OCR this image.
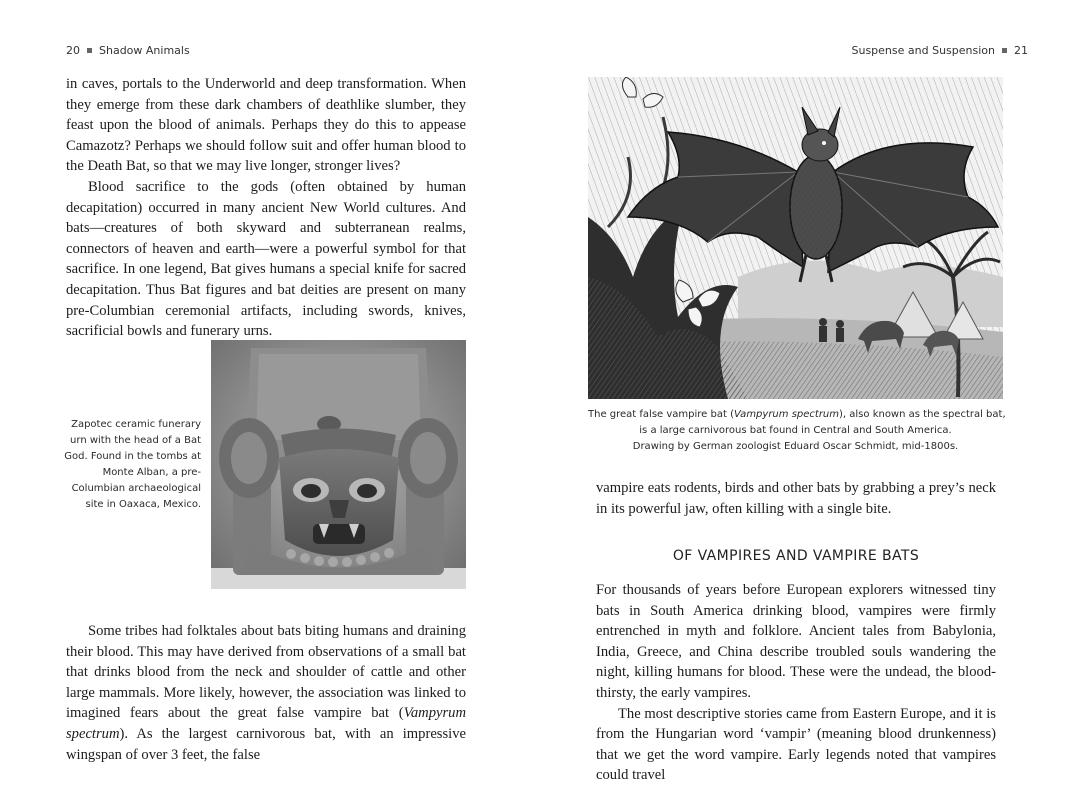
20 Shadow Animals

in caves, portals to the Underworld and deep transformation. When they emerge from these dark chambers of deathlike slumber, they feast upon the blood of animals. Perhaps they do this to appease Camazotz? Perhaps we should follow suit and offer human blood to the Death Bat, so that we may live longer, stronger lives?

Blood sacrifice to the gods (often obtained by human decapitation) occurred in many ancient New World cultures. And bats—creatures of both skyward and subterranean realms, connectors of heaven and earth—were a powerful symbol for that sacrifice. In one legend, Bat gives humans a special knife for sacred decapitation. Thus Bat figures and bat deities are present on many pre-Columbian ceremonial artifacts, including swords, knives, sacrificial bowls and funerary urns.

Zapotec ceramic funerary urn with the head of a Bat God. Found in the tombs at Monte Alban, a pre-Columbian archaeological site in Oaxaca, Mexico.

Some tribes had folktales about bats biting humans and draining their blood. This may have derived from observations of a small bat that drinks blood from the neck and shoulder of cattle and other large mammals. More likely, however, the association was linked to imagined fears about the great false vampire bat (Vampyrum spectrum). As the largest carnivorous bat, with an impressive wingspan of over 3 feet, the false

Suspense and Suspension 21
The great false vampire bat (Vampyrum spectrum), also known as the spectral bat,
is a large carnivorous bat found in Central and South America.
Drawing by German zoologist Eduard Oscar Schmidt, mid-1800s.

vampire eats rodents, birds and other bats by grabbing a prey’s neck in its powerful jaw, often killing with a single bite.

OF VAMPIRES AND VAMPIRE BATS

For thousands of years before European explorers witnessed tiny bats in South America drinking blood, vampires were firmly entrenched in myth and folklore. Ancient tales from Babylonia, India, Greece, and China describe troubled souls wandering the night, killing humans for blood. These were the undead, the blood-thirsty, the early vampires.

The most descriptive stories came from Eastern Europe, and it is from the Hungarian word ‘vampir’ (meaning blood drunkenness) that we get the word vampire. Early legends noted that vampires could travel
